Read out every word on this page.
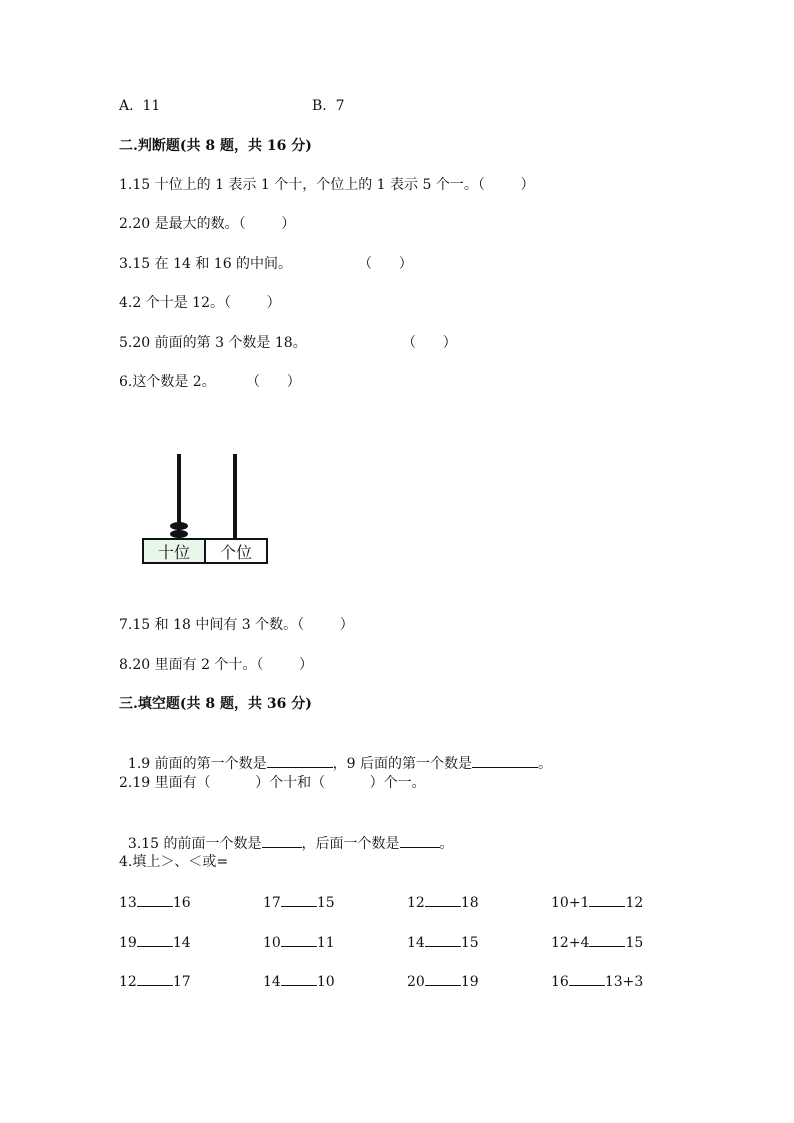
A.  11	B.  7
二.判断题(共 8 题，共 16 分)
1.15 十位上的 1 表示 1 个十，个位上的 1 表示 5 个一。（        ）
2.20 是最大的数。（        ）
3.15 在 14 和 16 的中间。	（      ）
4.2 个十是 12。（        ）
5.20 前面的第 3 个数是 18。	（      ）
6.这个数是 2。 （      ）
十位	个位
7.15 和 18 中间有 3 个数。（        ）
8.20 里面有 2 个十。（        ）
三.填空题(共 8 题，共 36 分)

1.9 前面的第一个数是	，9 后面的第一个数是	。

2.19 里面有（          ）个十和（          ）个一。

3.15 的前面一个数是	，后面一个数是	。

4.填上＞、＜或=
13	16	17	15	12	18	10+1	12
19	14	10	11	14	15	12+4	15
12	17	14	10	20	19	16	13+3
